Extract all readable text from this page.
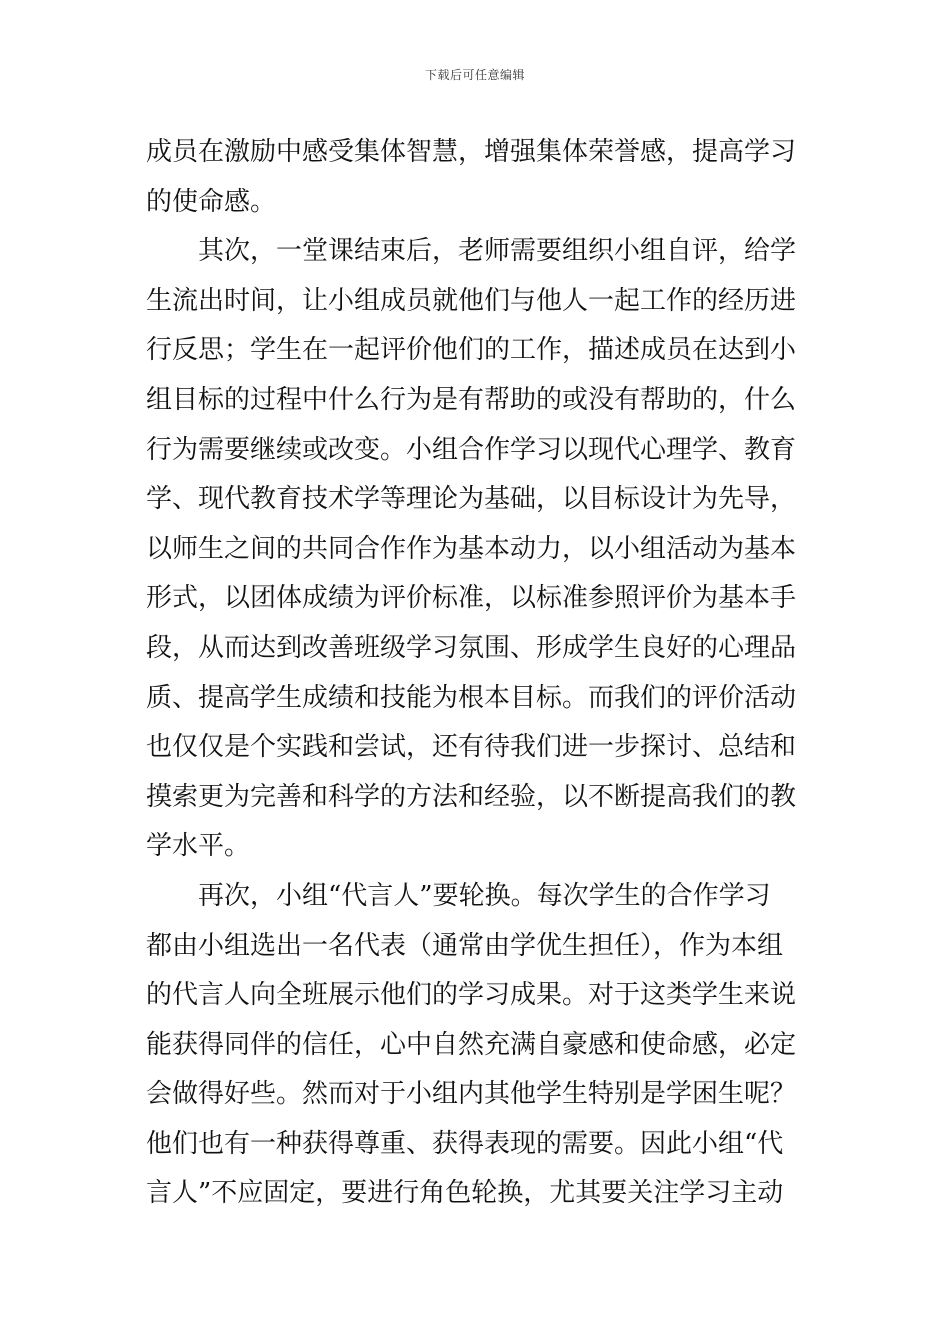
下载后可任意编辑
成员在激励中感受集体智慧，增强集体荣誉感，提高学习
的使命感。
其次，一堂课结束后，老师需要组织小组自评，给学
生流出时间，让小组成员就他们与他人一起工作的经历进
行反思；学生在一起评价他们的工作，描述成员在达到小
组目标的过程中什么行为是有帮助的或没有帮助的，什么
行为需要继续或改变。小组合作学习以现代心理学、教育
学、现代教育技术学等理论为基础，以目标设计为先导，
以师生之间的共同合作作为基本动力，以小组活动为基本
形式，以团体成绩为评价标准，以标准参照评价为基本手
段，从而达到改善班级学习氛围、形成学生良好的心理品
质、提高学生成绩和技能为根本目标。而我们的评价活动
也仅仅是个实践和尝试，还有待我们进一步探讨、总结和
摸索更为完善和科学的方法和经验，以不断提高我们的教
学水平。
再次，小组“代言人”要轮换。每次学生的合作学习
都由小组选出一名代表（通常由学优生担任），作为本组
的代言人向全班展示他们的学习成果。对于这类学生来说
能获得同伴的信任，心中自然充满自豪感和使命感，必定
会做得好些。然而对于小组内其他学生特别是学困生呢？
他们也有一种获得尊重、获得表现的需要。因此小组“代
言人”不应固定，要进行角色轮换，尤其要关注学习主动
